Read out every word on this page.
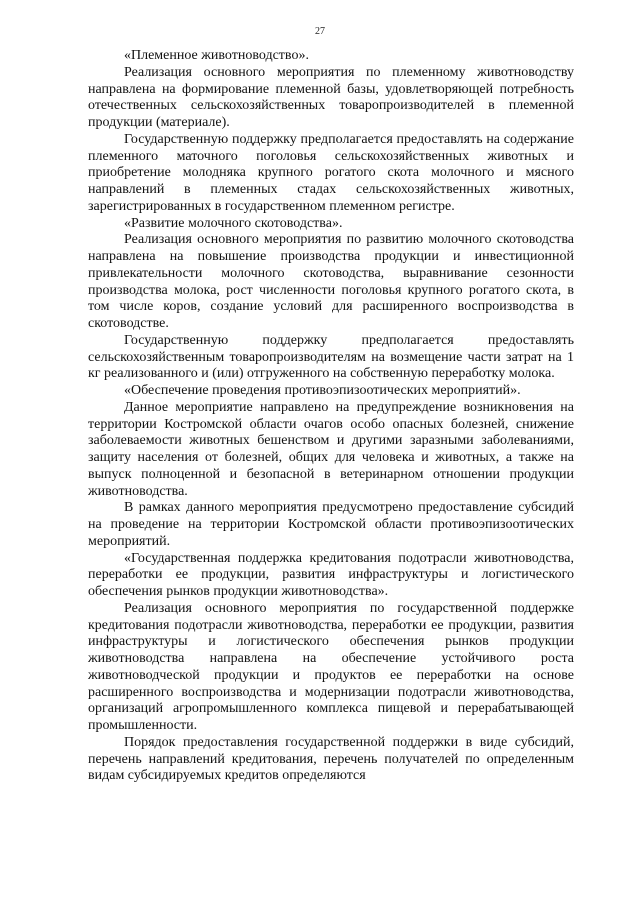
27

«Племенное животноводство».

Реализация основного мероприятия по племенному животноводству направлена на формирование племенной базы, удовлетворяющей потребность отечественных сельскохозяйственных товаропроизводителей в племенной продукции (материале).

Государственную поддержку предполагается предоставлять на содержание племенного маточного поголовья сельскохозяйственных животных и приобретение молодняка крупного рогатого скота молочного и мясного направлений в племенных стадах сельскохозяйственных животных, зарегистрированных в государственном племенном регистре.

«Развитие молочного скотоводства».

Реализация основного мероприятия по развитию молочного скотоводства направлена на повышение производства продукции и инвестиционной привлекательности молочного скотоводства, выравнивание сезонности производства молока, рост численности поголовья крупного рогатого скота, в том числе коров, создание условий для расширенного воспроизводства в скотоводстве.

Государственную поддержку предполагается предоставлять сельскохозяйственным товаропроизводителям на возмещение части затрат на 1 кг реализованного и (или) отгруженного на собственную переработку молока.

«Обеспечение проведения противоэпизоотических мероприятий».

Данное мероприятие направлено на предупреждение возникновения на территории Костромской области очагов особо опасных болезней, снижение заболеваемости животных бешенством и другими заразными заболеваниями, защиту населения от болезней, общих для человека и животных, а также на выпуск полноценной и безопасной в ветеринарном отношении продукции животноводства.

В рамках данного мероприятия предусмотрено предоставление субсидий на проведение на территории Костромской области противоэпизоотических мероприятий.

«Государственная поддержка кредитования подотрасли животноводства, переработки ее продукции, развития инфраструктуры и логистического обеспечения рынков продукции животноводства».

Реализация основного мероприятия по государственной поддержке кредитования подотрасли животноводства, переработки ее продукции, развития инфраструктуры и логистического обеспечения рынков продукции животноводства направлена на обеспечение устойчивого роста животноводческой продукции и продуктов ее переработки на основе расширенного воспроизводства и модернизации подотрасли животноводства, организаций агропромышленного комплекса пищевой и перерабатывающей промышленности.

Порядок предоставления государственной поддержки в виде субсидий, перечень направлений кредитования, перечень получателей по определенным видам субсидируемых кредитов определяются
